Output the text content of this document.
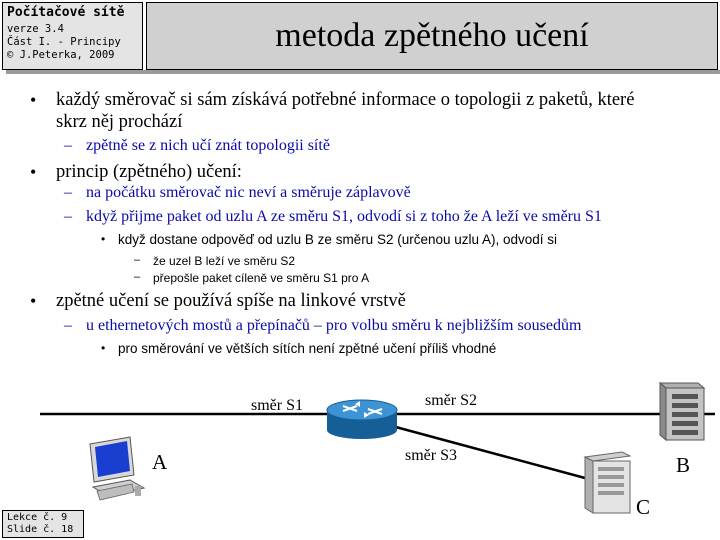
Počítačové sítě
verze 3.4
Část I. - Principy
© J.Peterka, 2009
metoda zpětného učení
• každý směrovač si sám získává potřebné informace o topologii z paketů, které
skrz něj prochází
– zpětně se z nich učí znát topologii sítě
• princip (zpětného) učení:
– na počátku směrovač nic neví a směruje záplavově
– když přijme paket od uzlu A ze směru S1, odvodí si z toho že A leží ve směru S1
• když dostane odpověď od uzlu B ze směru S2 (určenou uzlu A), odvodí si
– že uzel B leží ve směru S2
– přepošle paket cíleně ve směru S1 pro A
• zpětné učení se používá spíše na linkové vrstvě
– u ethernetových mostů a přepínačů – pro volbu směru k nejbližším sousedům
• pro směrování ve větších sítích není zpětné učení příliš vhodné
směr S1	směr S2
směr S3
A	B
C
Lekce č. 9
Slide č. 18
